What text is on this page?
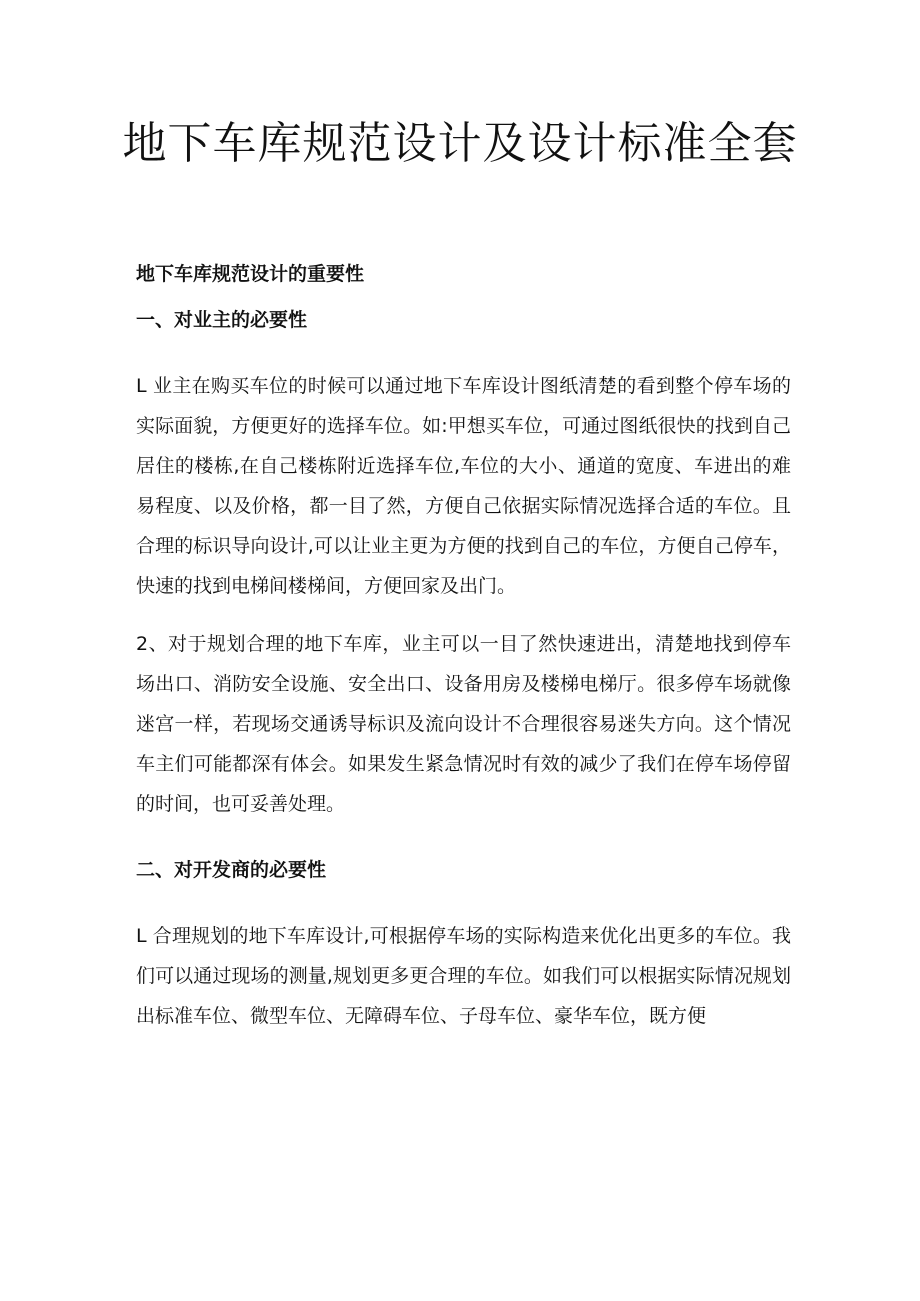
地下车库规范设计及设计标准全套
地下车库规范设计的重要性
一、对业主的必要性

L 业主在购买车位的时候可以通过地下车库设计图纸清楚的看到整个停车场的实际面貌，方便更好的选择车位。如:甲想买车位，可通过图纸很快的找到自己居住的楼栋,在自己楼栋附近选择车位,车位的大小、通道的宽度、车进出的难易程度、以及价格，都一目了然，方便自己依据实际情况选择合适的车位。且合理的标识导向设计,可以让业主更为方便的找到自己的车位，方便自己停车，快速的找到电梯间楼梯间，方便回家及出门。

2、对于规划合理的地下车库，业主可以一目了然快速进出，清楚地找到停车场出口、消防安全设施、安全出口、设备用房及楼梯电梯厅。很多停车场就像迷宫一样，若现场交通诱导标识及流向设计不合理很容易迷失方向。这个情况车主们可能都深有体会。如果发生紧急情况时有效的减少了我们在停车场停留的时间，也可妥善处理。

二、对开发商的必要性

L 合理规划的地下车库设计,可根据停车场的实际构造来优化出更多的车位。我们可以通过现场的测量,规划更多更合理的车位。如我们可以根据实际情况规划出标准车位、微型车位、无障碍车位、子母车位、豪华车位，既方便
